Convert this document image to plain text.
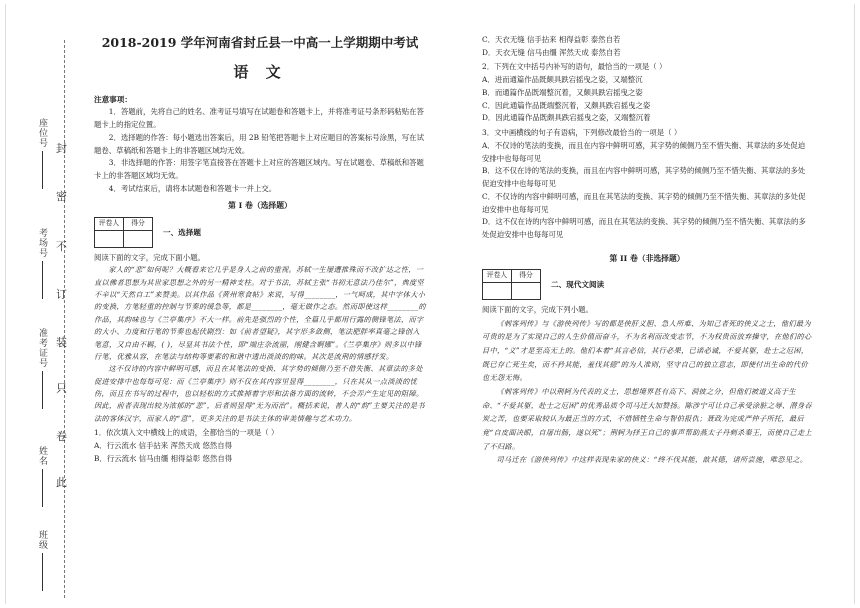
此
卷
只
装
订
不
密
封
座位号
考场号
准考证号
姓名
班级

2018-2019 学年河南省封丘县一中高一上学期期中考试

语 文

注意事项：

1．答题前，先将自己的姓名、准考证号填写在试题卷和答题卡上，并将准考证号条形码粘贴在答题卡上的指定位置。

2．选择题的作答：每小题选出答案后，用 2B 铅笔把答题卡上对应题目的答案标号涂黑，写在试题卷、草稿纸和答题卡上的非答题区域均无效。

3．非选择题的作答：用签字笔直接答在答题卡上对应的答题区域内。写在试题卷、草稿纸和答题卡上的非答题区域均无效。

4．考试结束后，请将本试题卷和答题卡一并上交。

第 I 卷（选择题）

评卷人	得分

一、选择题

阅读下面的文字，完成下面小题。

家人的“悲”如何呢？大概看来它几乎是身人之前的重视。苏轼一生屡遭推殊而不改扩达之性，一直以佛者思想为其世家思想之外的另一精神支柱。对于书法，苏轼主张“书初无意法乃佳尔”，典度坚不辛以“天然自工”来赞美。以其作品《黄州寒食帖》来说，写得________，一气呵成，其中字体大小的变换，方笔轻重的控制与节奏的缓急等，都是________，毫无做作之态。然而即使这样________的作品，其韵味也与《兰亭集序》不大一样。前先是强烈的个性，全篇几乎都用行露的侧锋笔法，而字的大小、力度和行笔的节奏也起伏剧烈：如《前者望疑》，其字形多敛侧，笔法肥胖率真毫之锋创入笔意，又自由不羁，( )，尽显其书法个性，即“端庄杂流丽，刚健含婀娜”。《兰亭集序》则多以中锋行笔，优雅从容，在笔法与结构等要素的和谐中透出淡淡的韵味。其次是流荆的情感抒发。

这不仅诗的内容中鲜明可感，而且在其笔法的变换、其字势的倾侧乃至不借失衡、其章法的多处促进安排中也每每可见：而《兰亭集序》则不仅在其内容里显得________，只在其从一点淡淡的忧伤，而且在书写的过程中，也以轻松的方式推掉着字形和法备方面的流转，不会弄产生定见的阻障。因此，前者表现出较为浓郁的“悲”，后者则显得“无为而治”。概括来说，普人的“韵”主要关注的是书法的客体汉字，而家人的“意”，更多关注的是书法主体的审美情趣与艺术功力。

1．依次填入文中横线上的成语，全都恰当的一项是（ ）

A．行云流水 信手拈来 浑然天成 悠然自得

B．行云流水 信马由缰 相得益彰 悠然自得

C．天衣无缝 信手拈来 相得益彰 泰然自若

D．天衣无缝 信马由缰 浑然天成 泰然自若

2．下列在文中括号内补写的语句，最恰当的一项是（ ）

A．进而通篇作品既颇具跌宕摇曳之姿，又端整沉

B．而通篇作品既端整沉着，又颇具跌宕摇曳之姿

C．因此通篇作品既端整沉着，又颇具跌宕摇曳之姿

D．因此通篇作品既颇具跌宕摇曳之姿，又端整沉着

3．文中画横线的句子有语病，下列修改最恰当的一项是（ ）

A．不仅诗的笔法的变换，而且在内容中鲜明可感，其字势的倾侧乃至不惜失衡、其章法的多处促迫安排中也每每可见

B．这不仅在诗的笔法的变换，而且在内容中鲜明可感，其字势的倾侧乃至不惜失衡、其章法的多处促迫安排中也每每可见

C．不仅诗的内容中鲜明可感，而且在其笔法的变换、其字势的倾侧乃至不惜失衡、其章法的多处促迫安排中也每每可见

D．这不仅在诗的内容中鲜明可感，而且在其笔法的变换、其字势的倾侧乃至不惜失衡、其章法的多处促迫安排中也每每可见

第 II 卷（非选择题）

评卷人	得分

二、现代文阅读

阅读下面的文字，完成下列小题。

《刺客列传》与《游侠列传》写的都是侠肝义胆、急人所难、为知己者死的侠义之士，他们最为可贵的是为了实现自己的人生价值而奋斗，不为名利而改变志节，不为权贵而放弃操守，在他们的心目中，“义”才是至高无上的。他们本着“其言必信，其行必果，已诺必诚，不爱其躯，赴士之厄困，既已存亡死生矣，而不矜其能，羞伐其德”的为人准则，坚守自己的独立意志，即使付出生命的代价也无怨无悔。

《刺客列传》中以荆轲为代表的义士，思想境界甚有高下、洞彼之分，但他们被道义高于生命、“不爱其躯，赴士之厄困”的优秀品质令司马迁大加赞扬。陈涉宁可让自己承受涂脏之辱、潜身吞炭之苦，也要采取较认为最正当的方式，不惜牺牲生命与智伯报仇；聂政为完成严仲子所托，最后竟“自皮面决眼，自屠出肠，遂以死”；荆轲为择王自己的事声帮助燕太子丹刺杀秦王，而使自己走上了不归路。

司马迁在《游侠列传》中这样表现朱家的侠义：“终不伐其能，歆其德，诸所尝施，唯恐见之。
